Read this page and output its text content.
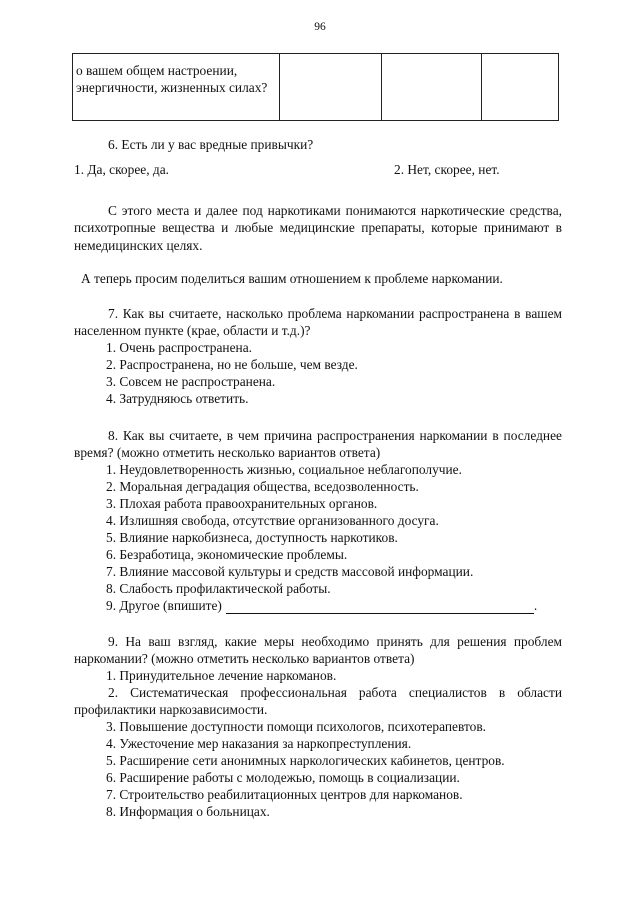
96
о вашем общем настроении, энергичности, жизненных силах?

6. Есть ли у вас вредные привычки?
1. Да, скорее, да.	2. Нет, скорее, нет.
С этого места и далее под наркотиками понимаются наркотические средства, психотропные вещества и любые медицинские препараты, которые принимают в немедицинских целях.
А теперь просим поделиться вашим отношением к проблеме наркомании.
7. Как вы считаете, насколько проблема наркомании распространена в вашем населенном пункте (крае, области и т.д.)?
1. Очень распространена.
2. Распространена, но не больше, чем везде.
3. Совсем не распространена.
4. Затрудняюсь ответить.
8. Как вы считаете, в чем причина распространения наркомании в последнее время? (можно отметить несколько вариантов ответа)
1. Неудовлетворенность жизнью, социальное неблагополучие.
2. Моральная деградация общества, вседозволенность.
3. Плохая работа правоохранительных органов.
4. Излишняя свобода, отсутствие организованного досуга.
5. Влияние наркобизнеса, доступность наркотиков.
6. Безработица, экономические проблемы.
7. Влияние массовой культуры и средств массовой информации.
8. Слабость профилактической работы.
9. Другое (впишите)	.
9. На ваш взгляд, какие меры необходимо принять для решения проблем наркомании? (можно отметить несколько вариантов ответа)
1. Принудительное лечение наркоманов.
2. Систематическая профессиональная работа специалистов в области профилактики наркозависимости.
3. Повышение доступности помощи психологов, психотерапевтов.
4. Ужесточение мер наказания за наркопреступления.
5. Расширение сети анонимных наркологических кабинетов, центров.
6. Расширение работы с молодежью, помощь в социализации.
7. Строительство реабилитационных центров для наркоманов.
8. Информация о больницах.
